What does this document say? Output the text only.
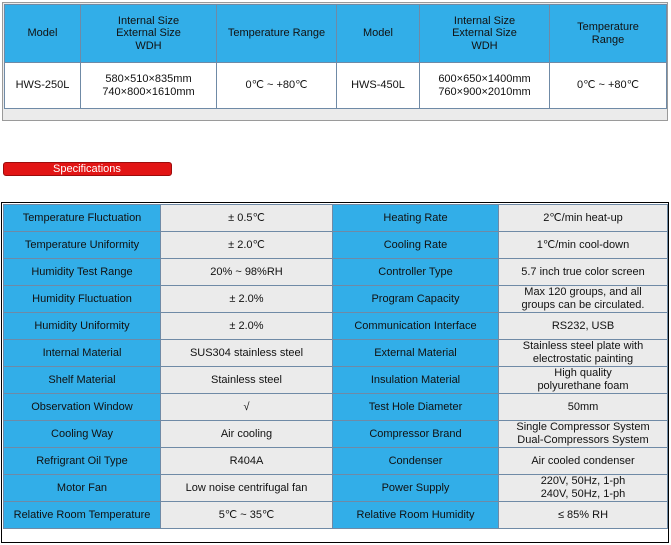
Model	Internal Size
External Size
WDH	Temperature Range	Model	Internal Size
External Size
WDH	Temperature
Range
HWS-250L	580×510×835mm
740×800×1610mm	0℃ ~ +80℃	HWS-450L	600×650×1400mm
760×900×2010mm	0℃ ~ +80℃
Specifications
Temperature Fluctuation	± 0.5℃	Heating Rate	2℃/min heat-up
Temperature Uniformity	± 2.0℃	Cooling Rate	1℃/min cool-down
Humidity Test Range	20% ~ 98%RH	Controller Type	5.7 inch true color screen
Humidity Fluctuation	± 2.0%	Program Capacity	Max 120 groups, and all
groups can be circulated.
Humidity Uniformity	± 2.0%	Communication Interface	RS232, USB
Internal Material	SUS304 stainless steel	External Material	Stainless steel plate with
electrostatic painting
Shelf Material	Stainless steel	Insulation Material	High quality
polyurethane foam
Observation Window	√	Test Hole Diameter	50mm
Cooling Way	Air cooling	Compressor Brand	Single Compressor System
Dual-Compressors System
Refrigrant Oil Type	R404A	Condenser	Air cooled condenser
Motor Fan	Low noise centrifugal fan	Power Supply	220V, 50Hz, 1-ph
240V, 50Hz, 1-ph
Relative Room Temperature	5℃ ~ 35℃	Relative Room Humidity	≤ 85% RH
